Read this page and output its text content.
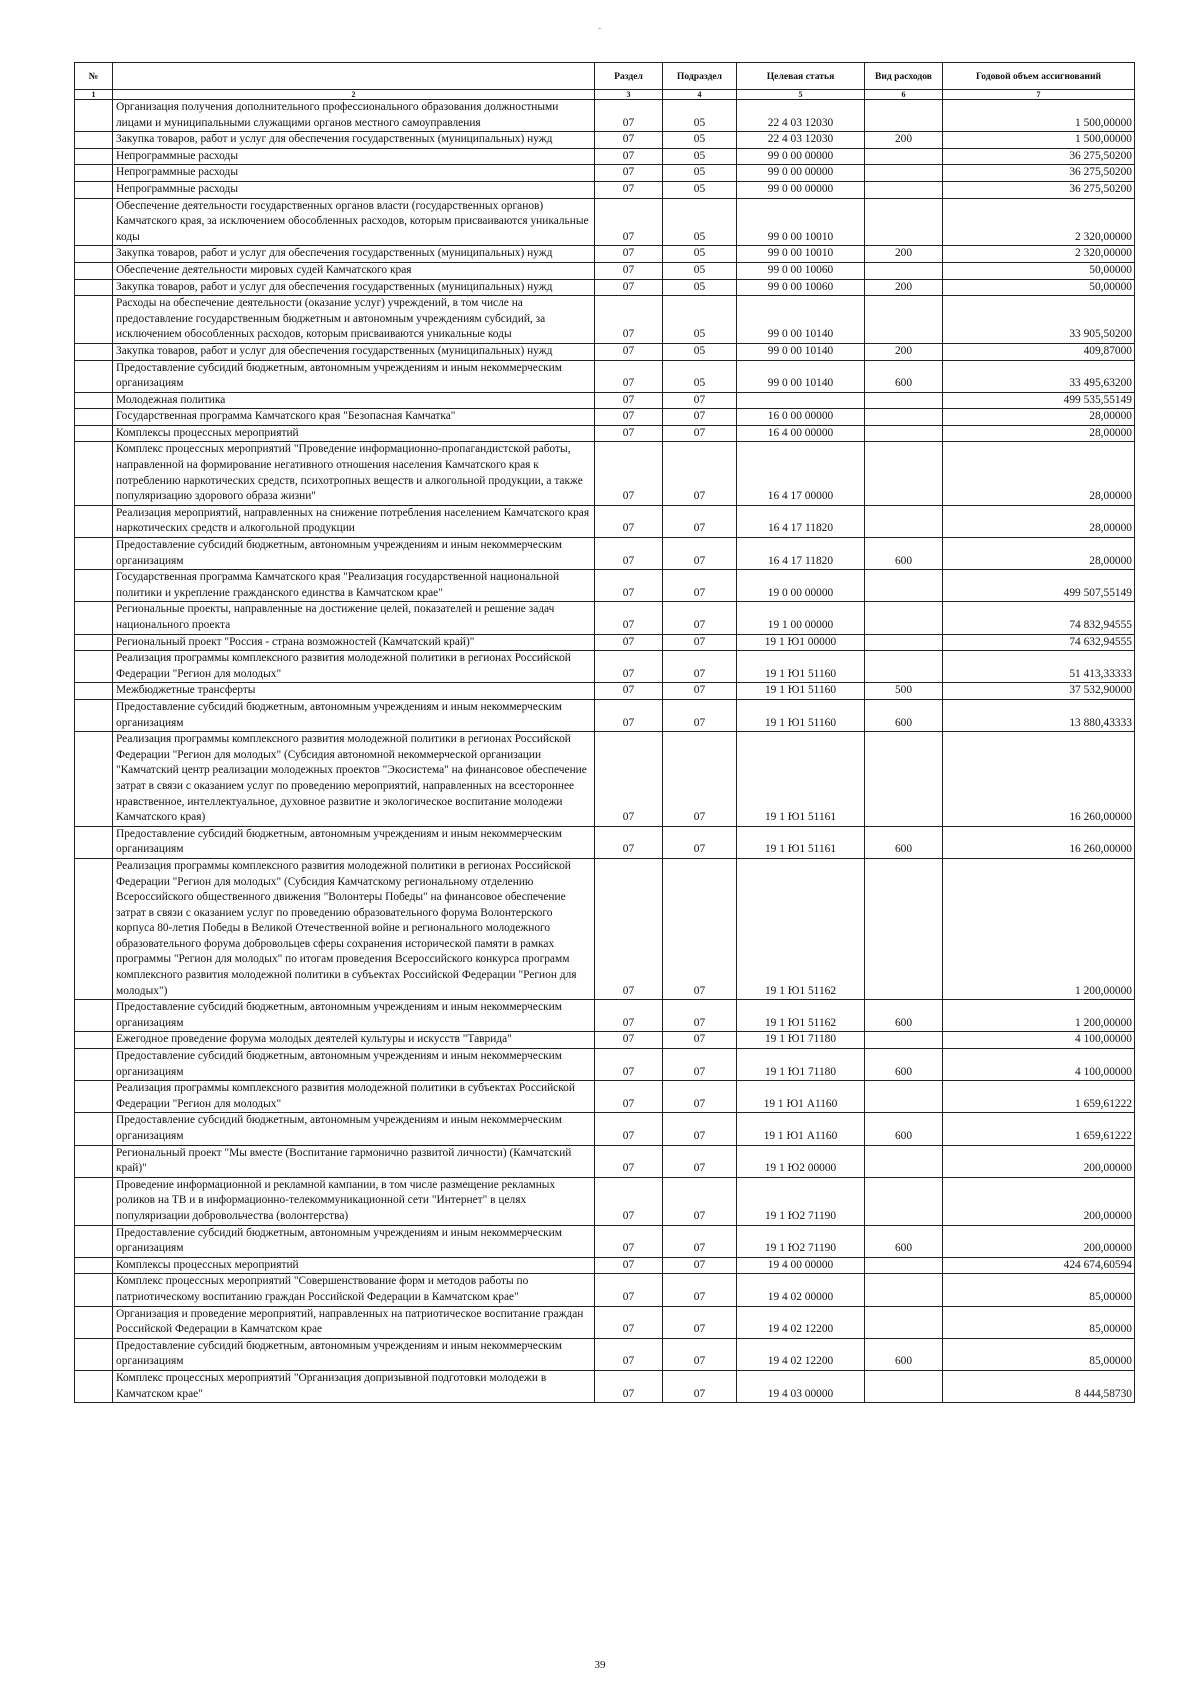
№		Раздел	Подраздел	Целевая статья	Вид расходов	Годовой объем ассигнований
1	2	3	4	5	6	7
	Организация получения дополнительного профессионального образования должностными лицами и муниципальными служащими органов местного самоуправления	07	05	22 4 03 12030		1 500,00000
	Закупка товаров, работ и услуг для обеспечения государственных (муниципальных) нужд	07	05	22 4 03 12030	200	1 500,00000
	Непрограммные расходы	07	05	99 0 00 00000		36 275,50200
	Непрограммные расходы	07	05	99 0 00 00000		36 275,50200
	Непрограммные расходы	07	05	99 0 00 00000		36 275,50200
	Обеспечение деятельности государственных органов власти (государственных органов) Камчатского края, за исключением обособленных расходов, которым присваиваются уникальные коды	07	05	99 0 00 10010		2 320,00000
	Закупка товаров, работ и услуг для обеспечения государственных (муниципальных) нужд	07	05	99 0 00 10010	200	2 320,00000
	Обеспечение деятельности мировых судей Камчатского края	07	05	99 0 00 10060		50,00000
	Закупка товаров, работ и услуг для обеспечения государственных (муниципальных) нужд	07	05	99 0 00 10060	200	50,00000
	Расходы на обеспечение деятельности (оказание услуг) учреждений, в том числе на предоставление государственным бюджетным и автономным учреждениям субсидий, за исключением обособленных расходов, которым присваиваются уникальные коды	07	05	99 0 00 10140		33 905,50200
	Закупка товаров, работ и услуг для обеспечения государственных (муниципальных) нужд	07	05	99 0 00 10140	200	409,87000
	Предоставление субсидий бюджетным, автономным учреждениям и иным некоммерческим организациям	07	05	99 0 00 10140	600	33 495,63200
	Молодежная политика	07	07			499 535,55149
	Государственная программа Камчатского края "Безопасная Камчатка"	07	07	16 0 00 00000		28,00000
	Комплексы процессных мероприятий	07	07	16 4 00 00000		28,00000
	Комплекс процессных мероприятий "Проведение информационно-пропагандистской работы, направленной на формирование негативного отношения населения Камчатского края к потреблению наркотических средств, психотропных веществ и алкогольной продукции, а также популяризацию здорового образа жизни"	07	07	16 4 17 00000		28,00000
	Реализация мероприятий, направленных на снижение потребления населением Камчатского края наркотических средств и алкогольной продукции	07	07	16 4 17 11820		28,00000
	Предоставление субсидий бюджетным, автономным учреждениям и иным некоммерческим организациям	07	07	16 4 17 11820	600	28,00000
	Государственная программа Камчатского края "Реализация государственной национальной политики и укрепление гражданского единства в Камчатском крае"	07	07	19 0 00 00000		499 507,55149
	Региональные проекты, направленные на достижение целей, показателей и решение задач национального проекта	07	07	19 1 00 00000		74 832,94555
	Региональный проект "Россия - страна возможностей (Камчатский край)"	07	07	19 1 Ю1 00000		74 632,94555
	Реализация программы комплексного развития молодежной политики в регионах Российской Федерации "Регион для молодых"	07	07	19 1 Ю1 51160		51 413,33333
	Межбюджетные трансферты	07	07	19 1 Ю1 51160	500	37 532,90000
	Предоставление субсидий бюджетным, автономным учреждениям и иным некоммерческим организациям	07	07	19 1 Ю1 51160	600	13 880,43333
	Реализация программы комплексного развития молодежной политики в регионах Российской Федерации "Регион для молодых" (Субсидия автономной некоммерческой организации "Камчатский центр реализации молодежных проектов "Экосистема" на финансовое обеспечение затрат в связи с оказанием услуг по проведению мероприятий, направленных на всестороннее нравственное, интеллектуальное, духовное развитие и экологическое воспитание молодежи Камчатского края)	07	07	19 1 Ю1 51161		16 260,00000
	Предоставление субсидий бюджетным, автономным учреждениям и иным некоммерческим организациям	07	07	19 1 Ю1 51161	600	16 260,00000
	Реализация программы комплексного развития молодежной политики в регионах Российской Федерации "Регион для молодых" (Субсидия Камчатскому региональному отделению Всероссийского общественного движения "Волонтеры Победы" на финансовое обеспечение затрат в связи с оказанием услуг по проведению образовательного форума Волонтерского корпуса 80-летия Победы в Великой Отечественной войне и регионального молодежного образовательного форума добровольцев сферы сохранения исторической памяти в рамках программы "Регион для молодых" по итогам проведения Всероссийского конкурса программ комплексного развития молодежной политики в субъектах Российской Федерации "Регион для молодых")	07	07	19 1 Ю1 51162		1 200,00000
	Предоставление субсидий бюджетным, автономным учреждениям и иным некоммерческим организациям	07	07	19 1 Ю1 51162	600	1 200,00000
	Ежегодное проведение форума молодых деятелей культуры и искусств "Таврида"	07	07	19 1 Ю1 71180		4 100,00000
	Предоставление субсидий бюджетным, автономным учреждениям и иным некоммерческим организациям	07	07	19 1 Ю1 71180	600	4 100,00000
	Реализация программы комплексного развития молодежной политики в субъектах Российской Федерации "Регион для молодых"	07	07	19 1 Ю1 А1160		1 659,61222
	Предоставление субсидий бюджетным, автономным учреждениям и иным некоммерческим организациям	07	07	19 1 Ю1 А1160	600	1 659,61222
	Региональный проект "Мы вместе (Воспитание гармонично развитой личности) (Камчатский край)"	07	07	19 1 Ю2 00000		200,00000
	Проведение информационной и рекламной кампании, в том числе размещение рекламных роликов на ТВ и в информационно-телекоммуникационной сети "Интернет" в целях популяризации добровольчества (волонтерства)	07	07	19 1 Ю2 71190		200,00000
	Предоставление субсидий бюджетным, автономным учреждениям и иным некоммерческим организациям	07	07	19 1 Ю2 71190	600	200,00000
	Комплексы процессных мероприятий	07	07	19 4 00 00000		424 674,60594
	Комплекс процессных мероприятий "Совершенствование форм и методов работы по патриотическому воспитанию граждан Российской Федерации в Камчатском крае"	07	07	19 4 02 00000		85,00000
	Организация и проведение мероприятий, направленных на патриотическое воспитание граждан Российской Федерации в Камчатском крае	07	07	19 4 02 12200		85,00000
	Предоставление субсидий бюджетным, автономным учреждениям и иным некоммерческим организациям	07	07	19 4 02 12200	600	85,00000
	Комплекс процессных мероприятий "Организация допризывной подготовки молодежи в Камчатском крае"	07	07	19 4 03 00000		8 444,58730
39
